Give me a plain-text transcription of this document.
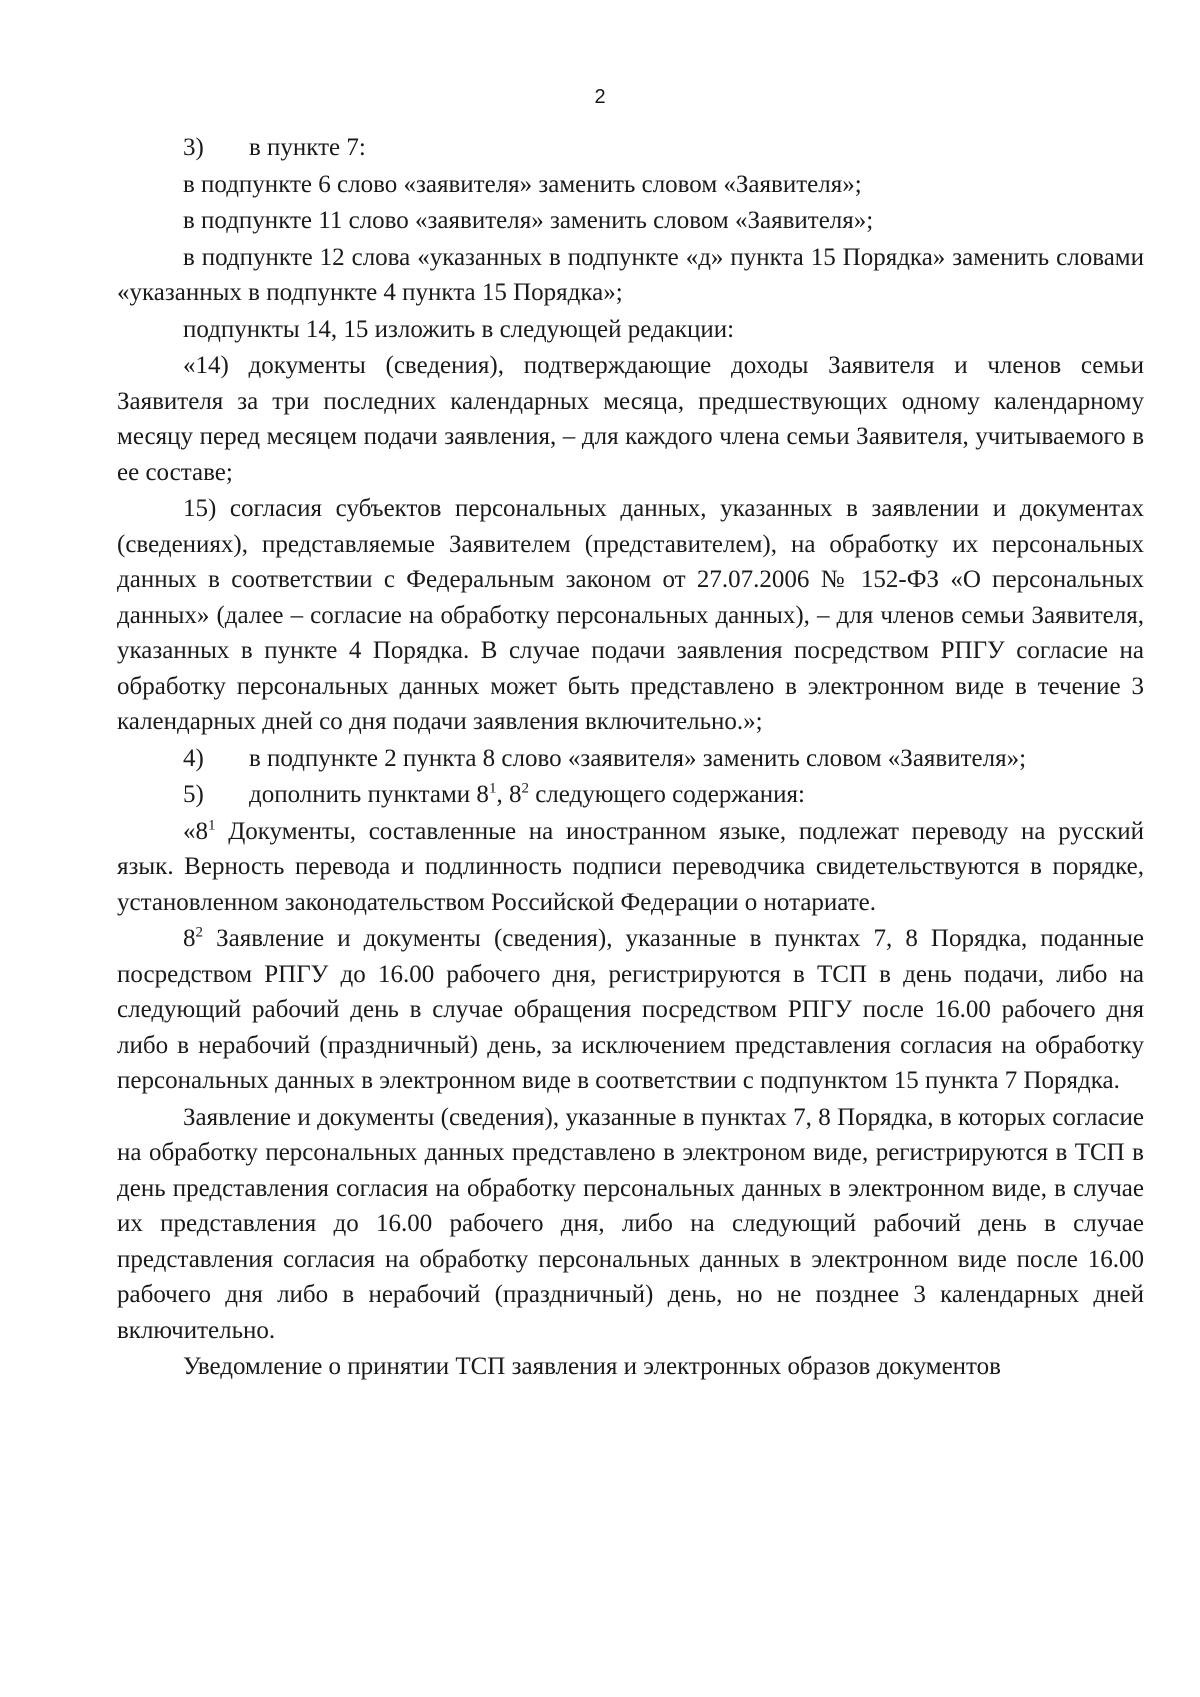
2

3) в пункте 7:

в подпункте 6 слово «заявителя» заменить словом «Заявителя»;

в подпункте 11 слово «заявителя» заменить словом «Заявителя»;

в подпункте 12 слова «указанных в подпункте «д» пункта 15 Порядка» заменить словами «указанных в подпункте 4 пункта 15 Порядка»;

подпункты 14, 15 изложить в следующей редакции:

«14) документы (сведения), подтверждающие доходы Заявителя и членов семьи Заявителя за три последних календарных месяца, предшествующих одному календарному месяцу перед месяцем подачи заявления, – для каждого члена семьи Заявителя, учитываемого в ее составе;

15) согласия субъектов персональных данных, указанных в заявлении и документах (сведениях), представляемые Заявителем (представителем), на обработку их персональных данных в соответствии с Федеральным законом от 27.07.2006 № 152-ФЗ «О персональных данных» (далее – согласие на обработку персональных данных), – для членов семьи Заявителя, указанных в пункте 4 Порядка. В случае подачи заявления посредством РПГУ согласие на обработку персональных данных может быть представлено в электронном виде в течение 3 календарных дней со дня подачи заявления включительно.»;

4) в подпункте 2 пункта 8 слово «заявителя» заменить словом «Заявителя»;

5) дополнить пунктами $8^1$, $8^2$ следующего содержания:

«$8^1$ Документы, составленные на иностранном языке, подлежат переводу на русский язык. Верность перевода и подлинность подписи переводчика свидетельствуются в порядке, установленном законодательством Российской Федерации о нотариате.

$8^2$ Заявление и документы (сведения), указанные в пунктах 7, 8 Порядка, поданные посредством РПГУ до 16.00 рабочего дня, регистрируются в ТСП в день подачи, либо на следующий рабочий день в случае обращения посредством РПГУ после 16.00 рабочего дня либо в нерабочий (праздничный) день, за исключением представления согласия на обработку персональных данных в электронном виде в соответствии с подпунктом 15 пункта 7 Порядка.

Заявление и документы (сведения), указанные в пунктах 7, 8 Порядка, в которых согласие на обработку персональных данных представлено в электроном виде, регистрируются в ТСП в день представления согласия на обработку персональных данных в электронном виде, в случае их представления до 16.00 рабочего дня, либо на следующий рабочий день в случае представления согласия на обработку персональных данных в электронном виде после 16.00 рабочего дня либо в нерабочий (праздничный) день, но не позднее 3 календарных дней включительно.

Уведомление о принятии ТСП заявления и электронных образов документов
